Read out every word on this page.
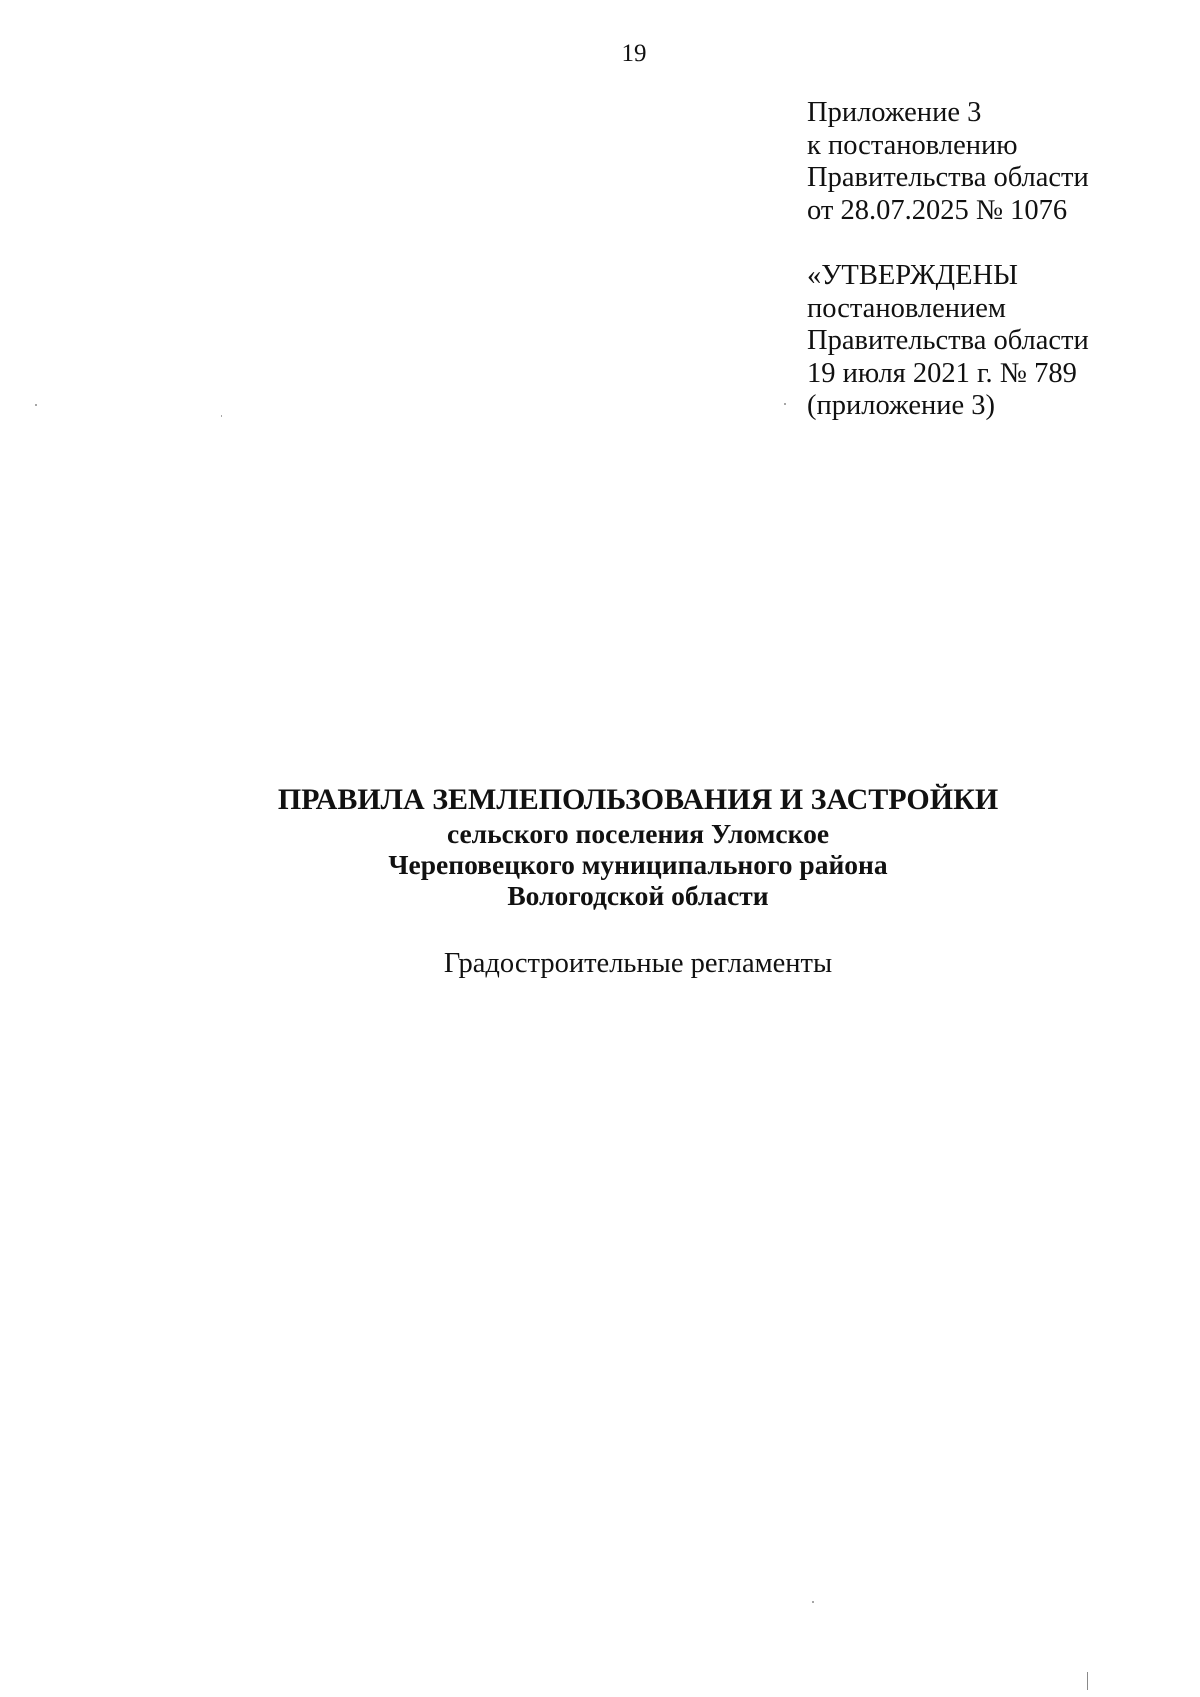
19
Приложение 3
к постановлению
Правительства области
от 28.07.2025 № 1076
«УТВЕРЖДЕНЫ
постановлением
Правительства области
19 июля 2021 г. № 789
(приложение 3)
ПРАВИЛА ЗЕМЛЕПОЛЬЗОВАНИЯ И ЗАСТРОЙКИ
сельского поселения Уломское
Череповецкого муниципального района
Вологодской области
Градостроительные регламенты
